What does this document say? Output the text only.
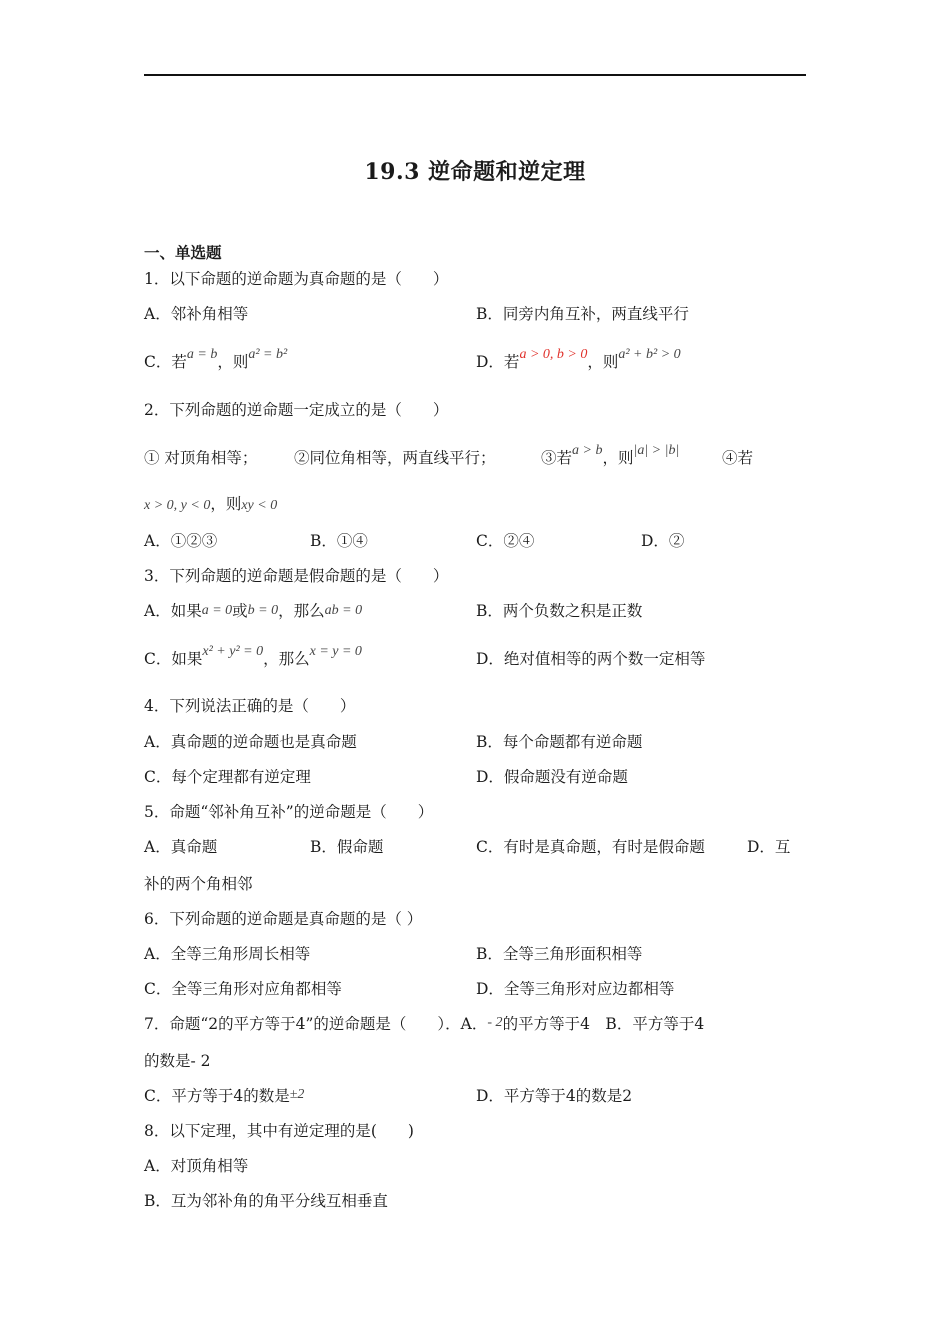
19.3 逆命题和逆定理
一、单选题
1．以下命题的逆命题为真命题的是（　　）
A．邻补角相等	B．同旁内角互补，两直线平行
C．若a = b，则a² = b²	D．若a > 0, b > 0，则a² + b² > 0
2．下列命题的逆命题一定成立的是（　　）
① 对顶角相等； ②同位角相等，两直线平行；	③若a > b，则|a| > |b|	④若
x > 0, y < 0，则xy < 0
A．①②③	B．①④	C．②④	D．②
3．下列命题的逆命题是假命题的是（　　）
A．如果a = 0或b = 0，那么ab = 0	B．两个负数之积是正数
C．如果x² + y² = 0，那么x = y = 0	D．绝对值相等的两个数一定相等
4．下列说法正确的是（　　）
A．真命题的逆命题也是真命题	B．每个命题都有逆命题
C．每个定理都有逆定理	D．假命题没有逆命题
5．命题“邻补角互补”的逆命题是（　　）
A．真命题	B．假命题	C．有时是真命题，有时是假命题	D．互
补的两个角相邻
6．下列命题的逆命题是真命题的是（ ）
A．全等三角形周长相等	B．全等三角形面积相等
C．全等三角形对应角都相等	D．全等三角形对应边都相等
7．命题“2的平方等于4”的逆命题是（　　）．A．- 2的平方等于4　B．平方等于4
的数是- 2
C．平方等于4的数是±2	D．平方等于4的数是2
8．以下定理，其中有逆定理的是(　　)
A．对顶角相等
B．互为邻补角的角平分线互相垂直
